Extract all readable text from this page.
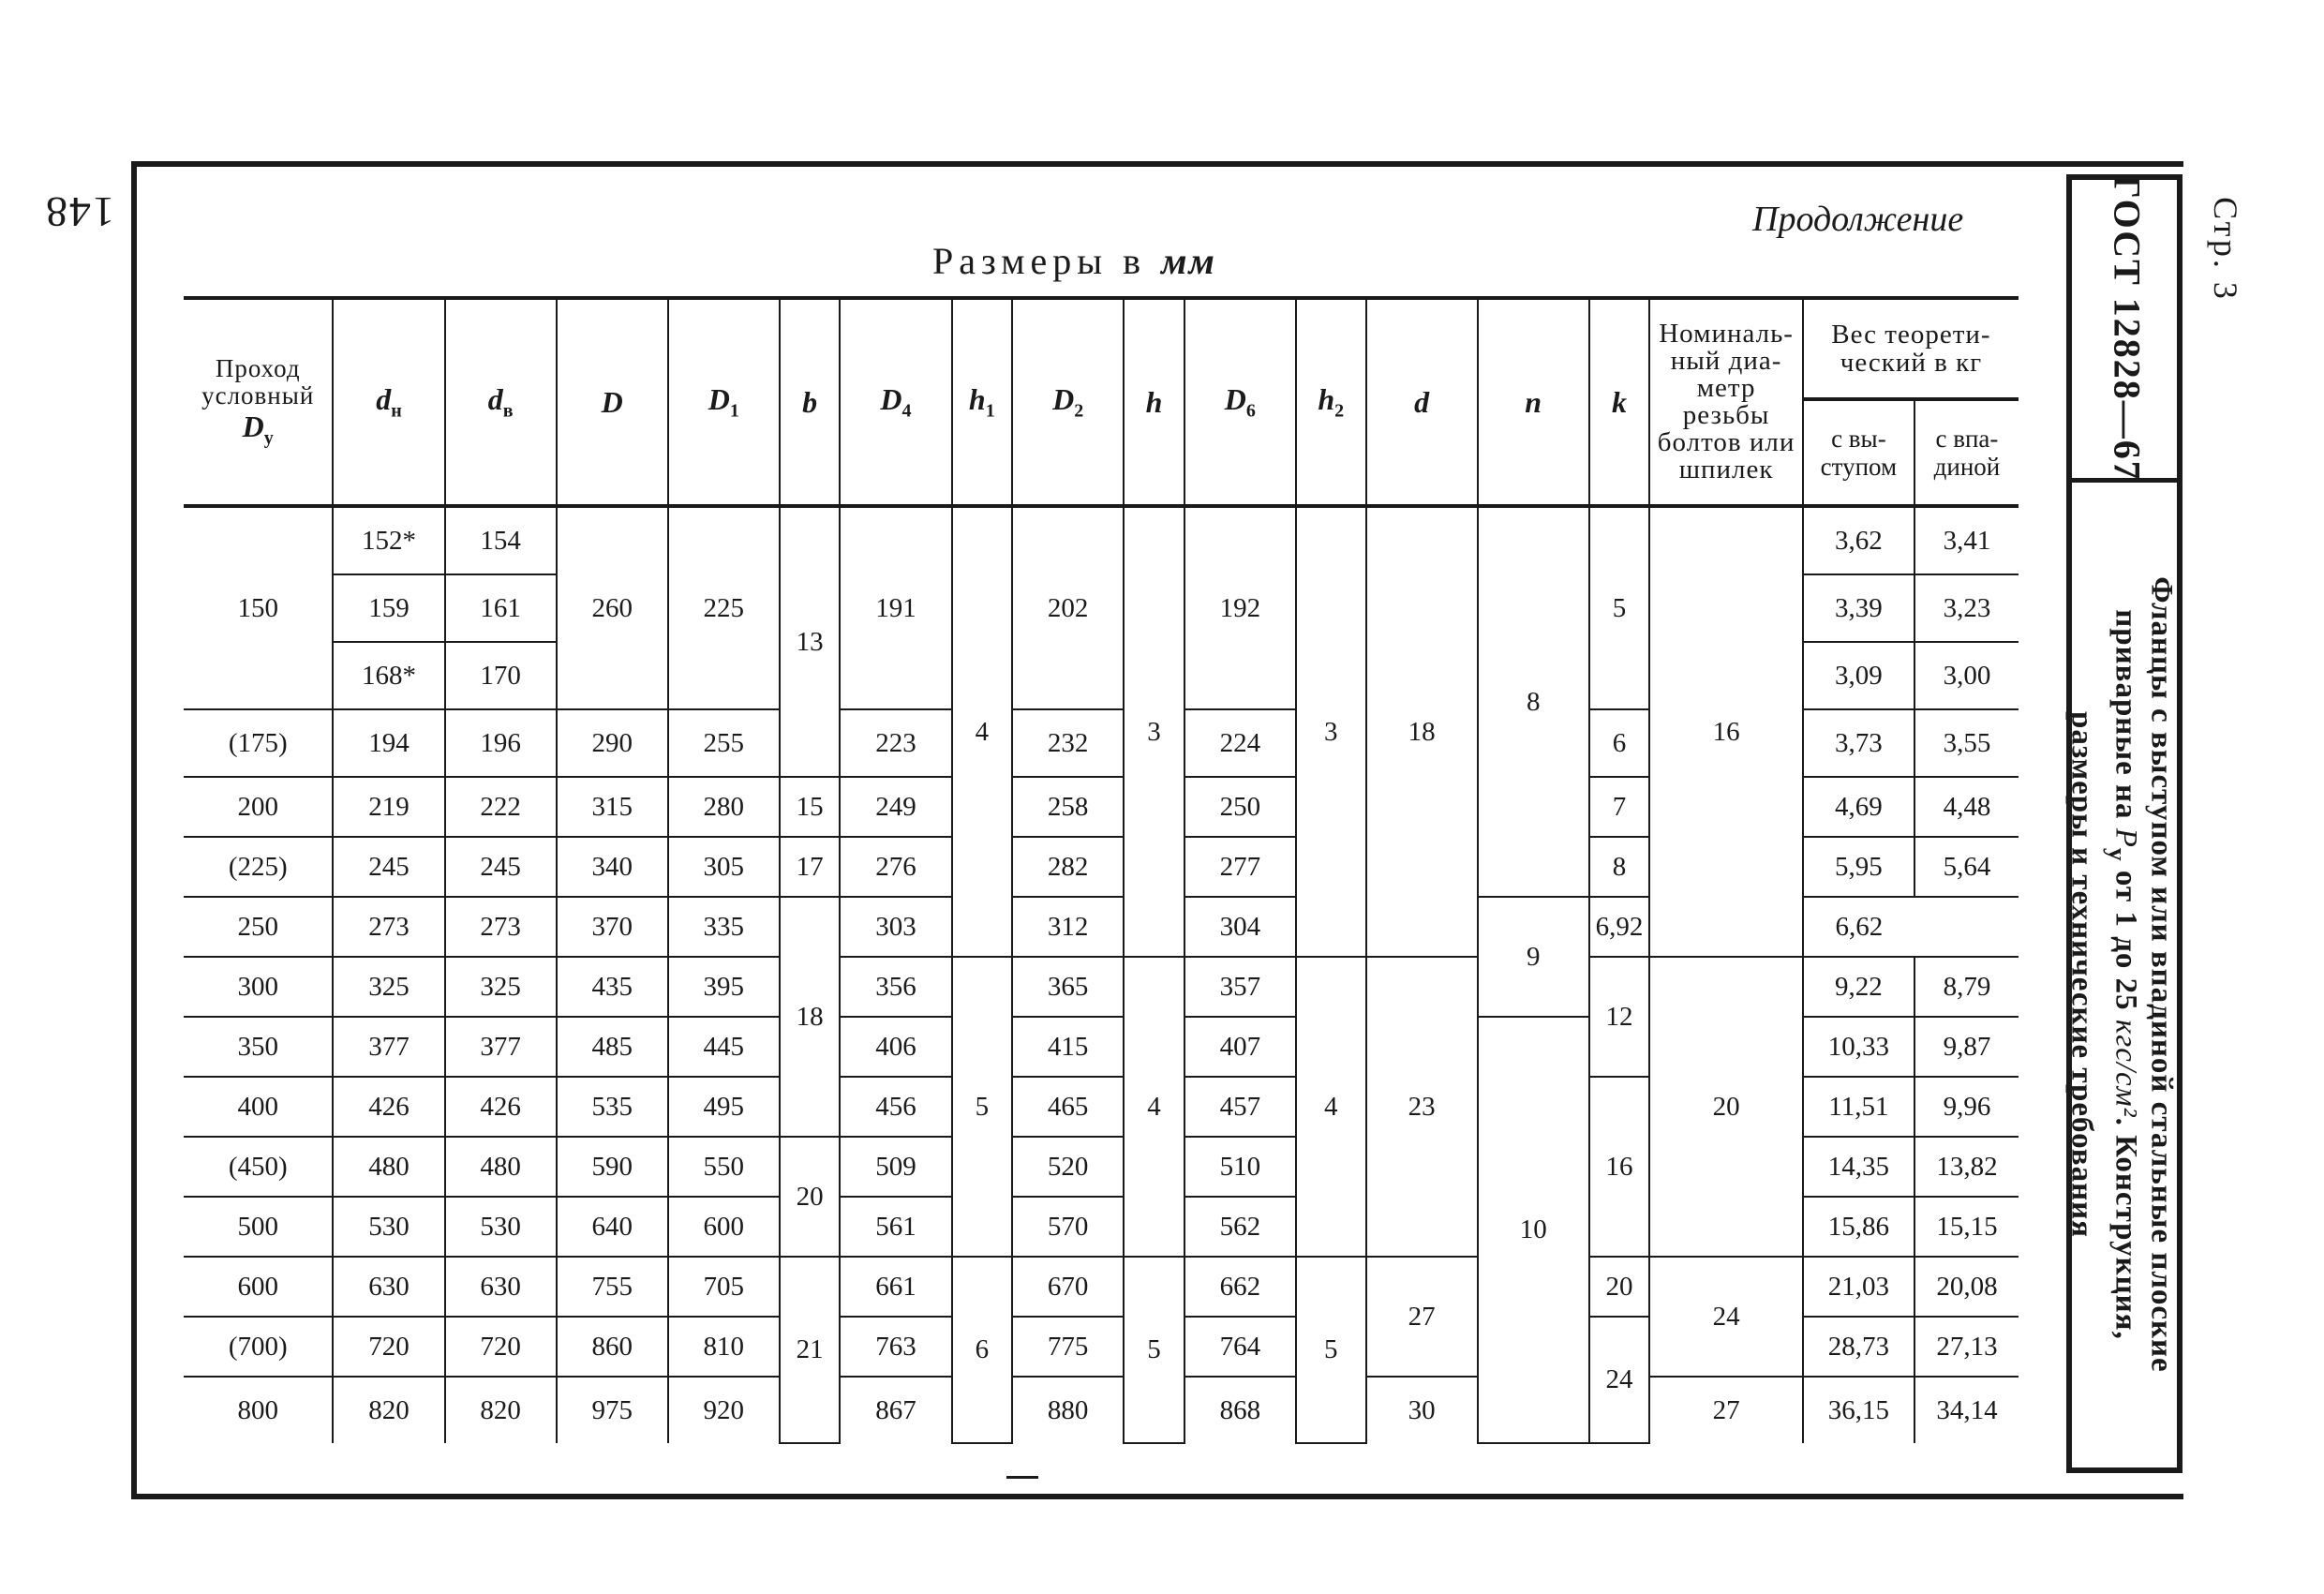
148	Продолжение
Размеры в мм
Проход
условный
$D_у$	$d_н$	$d_в$	D	$D_1$	b	$D_4$	$h_1$	$D_2$	h	$D_6$	$h_2$	d	n	k	Номиналь-ный диа-метр резьбы болтов или шпилек	Вес теорети-ческий в кг	
																с вы-ступом	с впа-диной
150	152*	154	260	225	13	191	4	202	3	192	3	18	8	5	16	3,62	3,41
	159	161														3,39	3,23
	168*	170														3,09	3,00
(175)	194	196	290	255		223		232		224				6		3,73	3,55
200	219	222	315	280	15	249		258		250				7		4,69	4,48
(225)	245	245	340	305	17	276		282		277				8		5,95	5,64
250	273	273	370	335	18	303		312		304			9	6,92		6,62	
300	325	325	435	395		356	5	365	4	357	4	23		12	20	9,22	8,79
350	377	377	485	445		406		415		407			10			10,33	9,87
400	426	426	535	495		456		465		457				16		11,51	9,96
(450)	480	480	590	550	20	509		520		510						14,35	13,82
500	530	530	640	600		561		570		562						15,86	15,15
600	630	630	755	705	21	661	6	670	5	662	5	27		20	24	21,03	20,08
(700)	720	720	860	810		763		775		764				24		28,73	27,13
800	820	820	975	920		867		880		868		30			27	36,15	34,14
ГОСТ 12828—67
Фланцы с выступом или впадиной стальные плоские
приварные на $P_у$ от 1 до 25 кгс/см². Конструкция,
размеры и технические требования
Стр. 3
